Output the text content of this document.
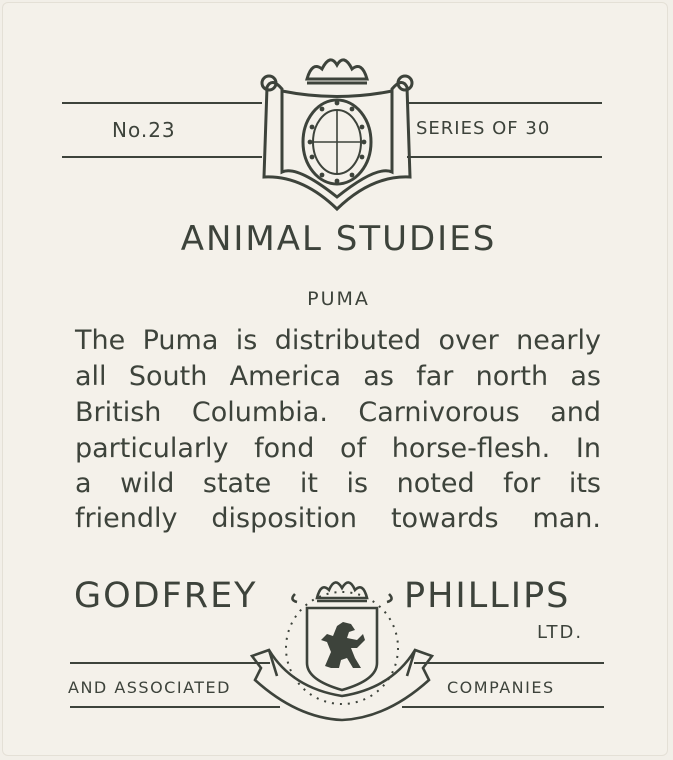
No.23	SERIES OF 30
ANIMAL STUDIES
PUMA
The Puma is distributed over nearly
all South America as far north as
British Columbia. Carnivorous and
particularly fond of horse-flesh. In
a wild state it is noted for its
friendly disposition towards man.
GODFREY	PHILLIPS
LTD.
AND ASSOCIATED	COMPANIES
